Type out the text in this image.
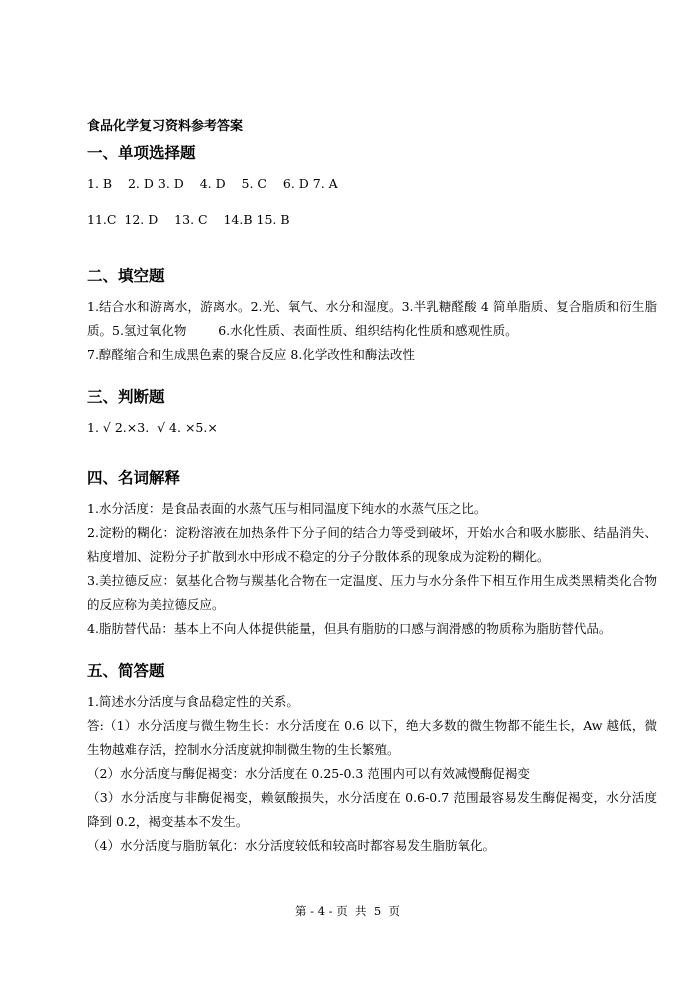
食品化学复习资料参考答案
一、单项选择题

1. B    2. D 3. D    4. D    5. C    6. D 7. A

11.C  12. D    13. C    14.B 15. B

二、填空题

1.结合水和游离水，游离水。2.光、氧气、水分和湿度。3.半乳糖醛酸 4 简单脂质、复合脂质和衍生脂质。5.氢过氧化物        6.水化性质、表面性质、组织结构化性质和感观性质。

7.醇醛缩合和生成黑色素的聚合反应 8.化学改性和酶法改性

三、判断题

1. √ 2.×3.  √ 4. ×5.×

四、名词解释

1.水分活度：是食品表面的水蒸气压与相同温度下纯水的水蒸气压之比。

2.淀粉的糊化：淀粉溶液在加热条件下分子间的结合力等受到破坏，开始水合和吸水膨胀、结晶消失、粘度增加、淀粉分子扩散到水中形成不稳定的分子分散体系的现象成为淀粉的糊化。

3.美拉德反应：氨基化合物与羰基化合物在一定温度、压力与水分条件下相互作用生成类黑精类化合物的反应称为美拉德反应。

4.脂肪替代品：基本上不向人体提供能量，但具有脂肪的口感与润滑感的物质称为脂肪替代品。

五、简答题

1.简述水分活度与食品稳定性的关系。

答:（1）水分活度与微生物生长：水分活度在 0.6 以下，绝大多数的微生物都不能生长，Aw 越低，微生物越难存活，控制水分活度就抑制微生物的生长繁殖。

（2）水分活度与酶促褐变：水分活度在 0.25-0.3 范围内可以有效减慢酶促褐变

（3）水分活度与非酶促褐变，赖氨酸损失，水分活度在 0.6-0.7 范围最容易发生酶促褐变，水分活度降到 0.2，褐变基本不发生。

（4）水分活度与脂肪氧化：水分活度较低和较高时都容易发生脂肪氧化。

第 - 4 - 页  共  5  页
